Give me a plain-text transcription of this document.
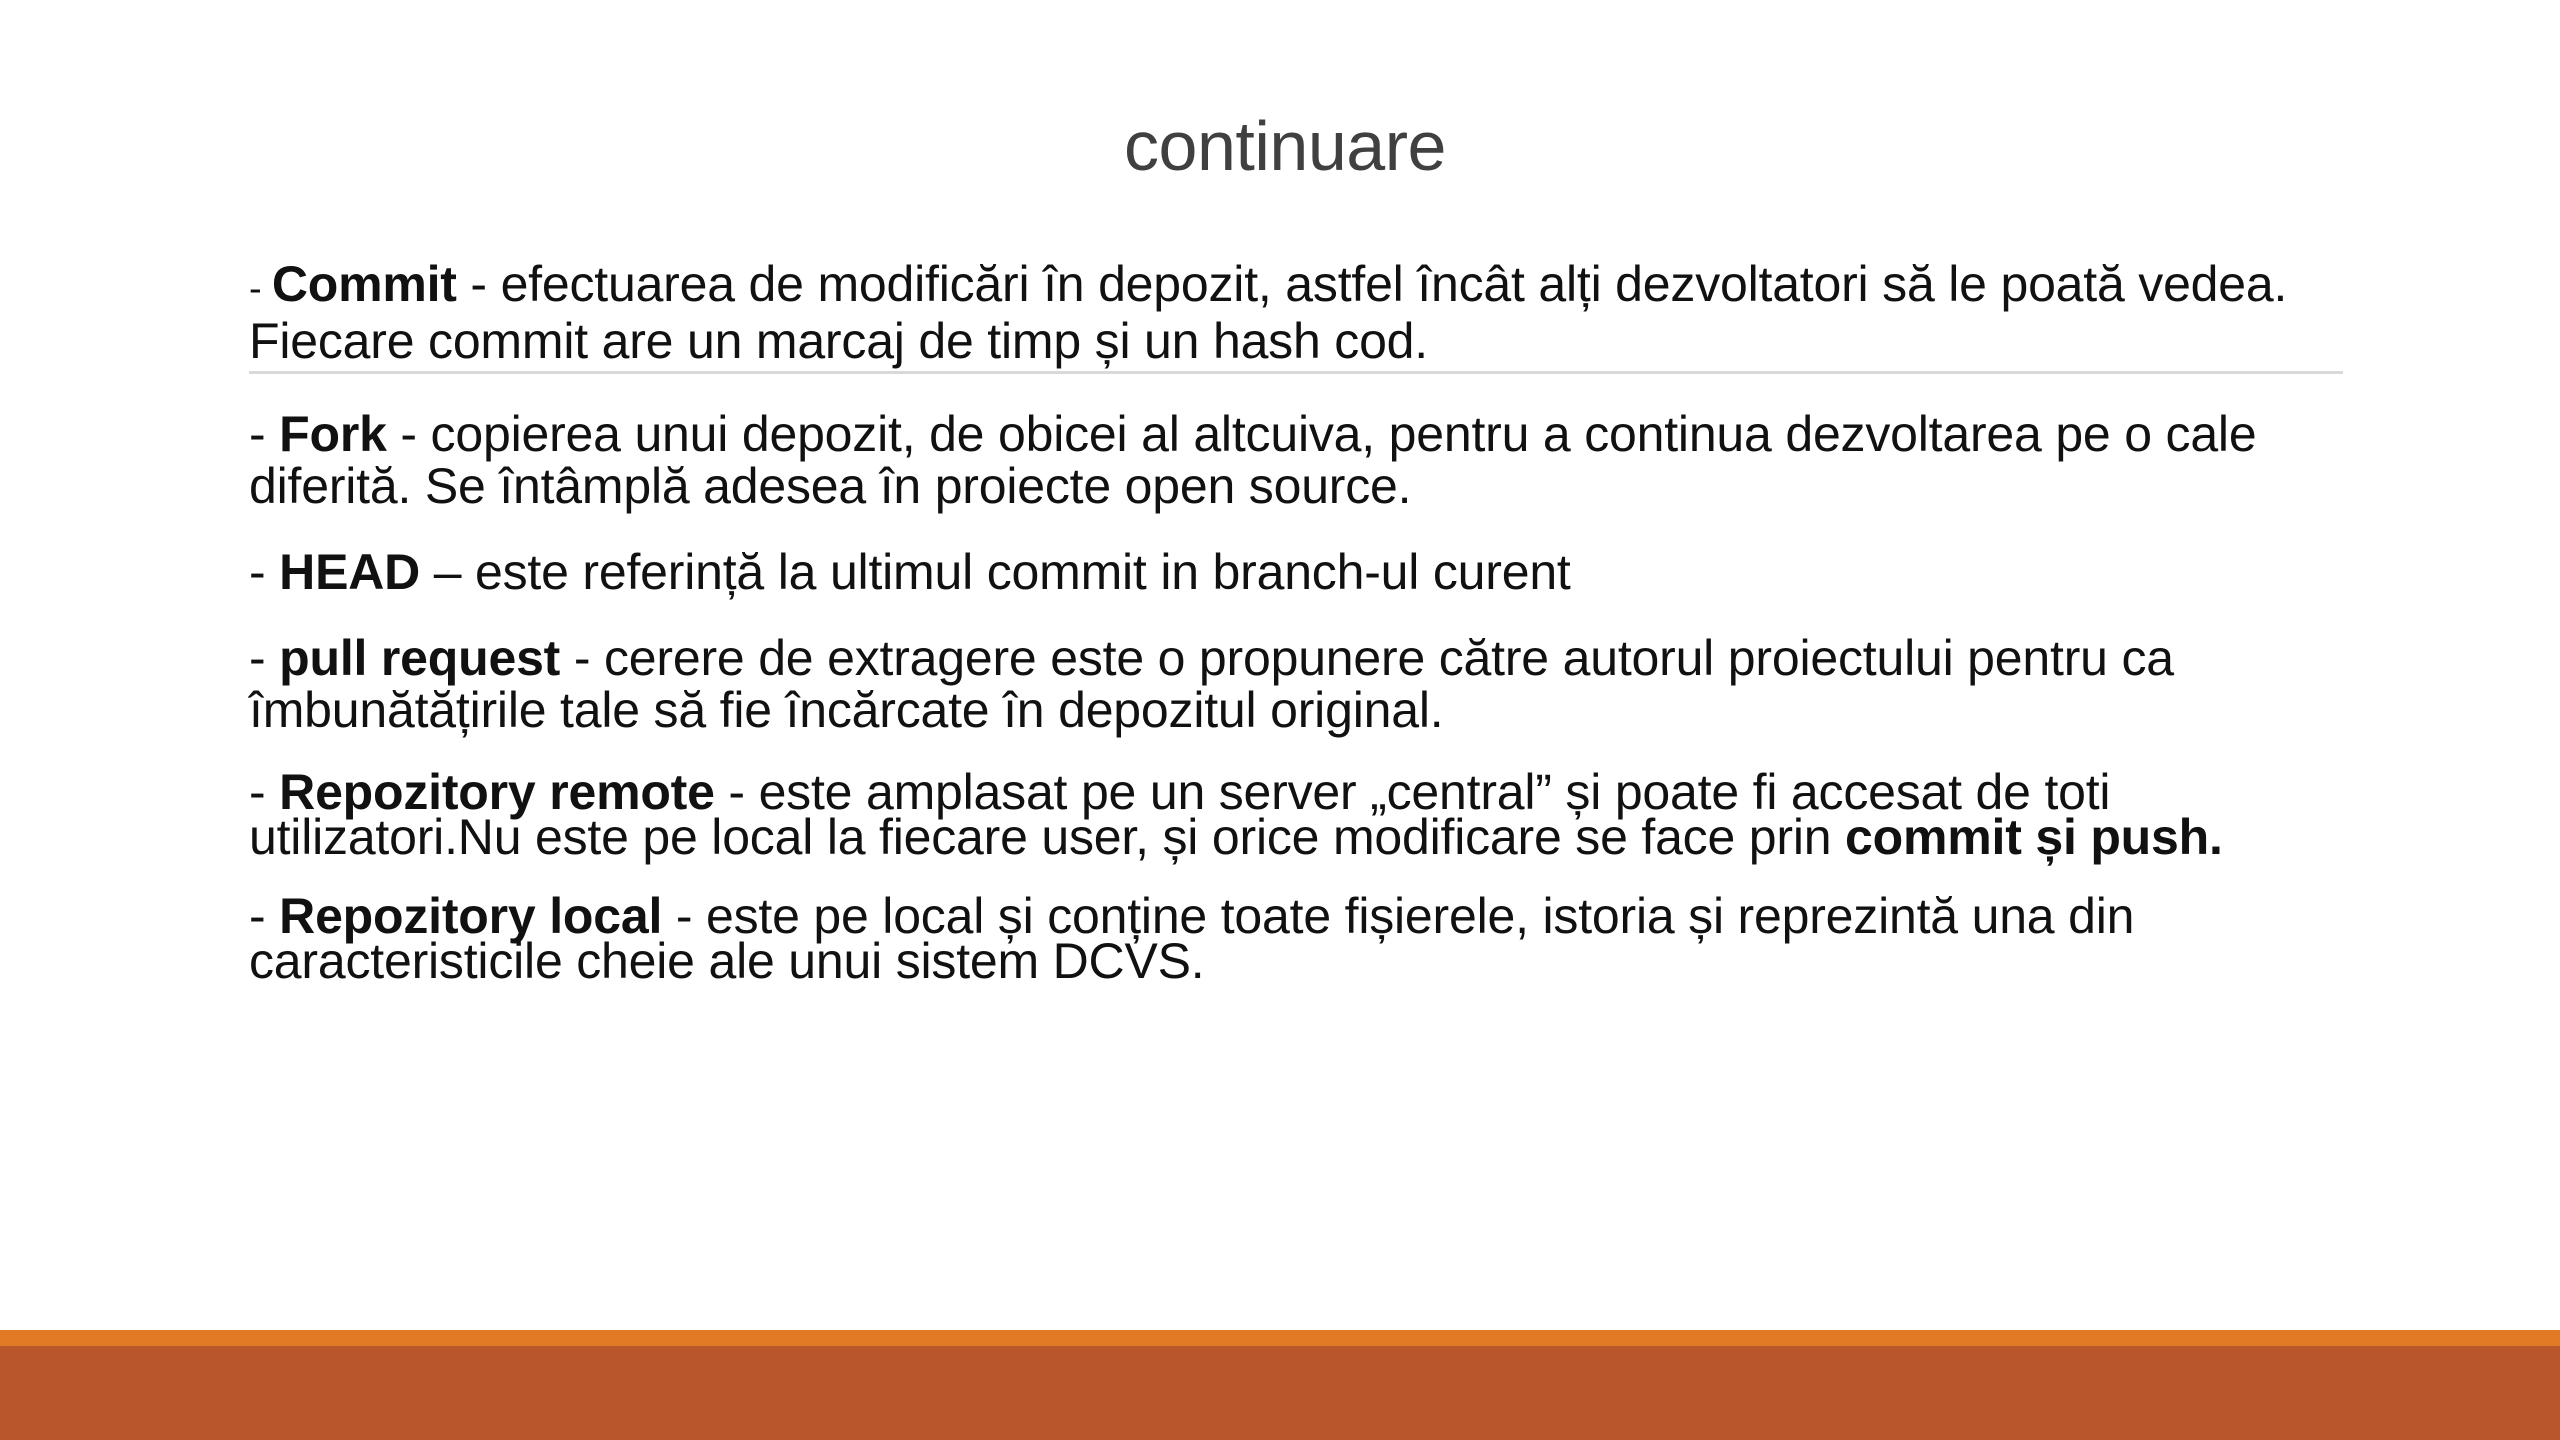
continuare

- Commit - efectuarea de modificări în depozit, astfel încât alți dezvoltatori să le poată vedea. Fiecare commit are un marcaj de timp și un hash cod.

- Fork - copierea unui depozit, de obicei al altcuiva, pentru a continua dezvoltarea pe o cale diferită. Se întâmplă adesea în proiecte open source.

- HEAD – este referință la ultimul commit in branch-ul curent

- pull request - cerere de extragere este o propunere către autorul proiectului pentru ca îmbunătățirile tale să fie încărcate în depozitul original.

- Repozitory remote - este amplasat pe un server „central” și poate fi accesat de toti utilizatori.Nu este pe local la fiecare user, și orice modificare se face prin commit și push.

- Repozitory local - este pe local și conține toate fișierele, istoria și reprezintă una din caracteristicile cheie ale unui sistem DCVS.
